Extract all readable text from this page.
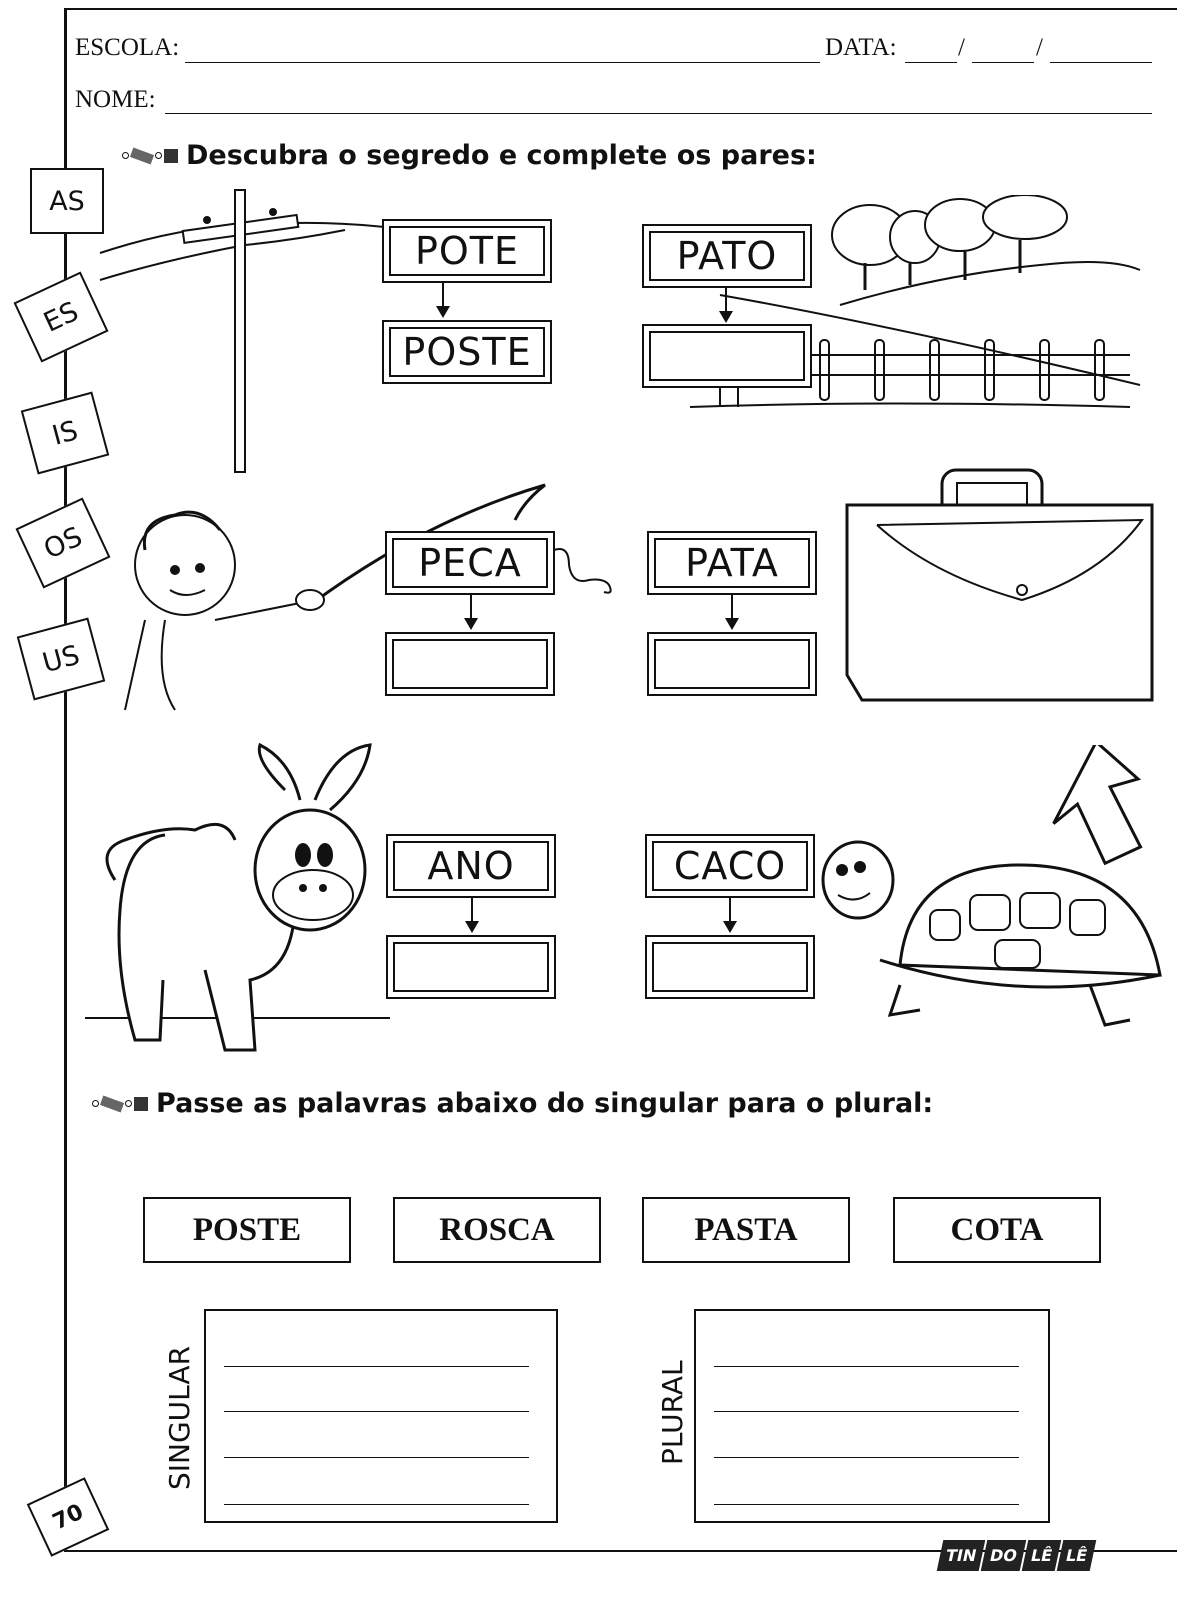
ESCOLA:	DATA: /	/
NOME:
Descubra o segredo e complete os pares:
AS
ES
IS
OS
US
POTE
POSTE
PATO
PECA	PATA
ANO	CACO
Passe as palavras abaixo do singular para o plural:
POSTE	ROSCA	PASTA	COTA
SINGULAR	PLURAL
70
TIN DO LÊ LÊ
